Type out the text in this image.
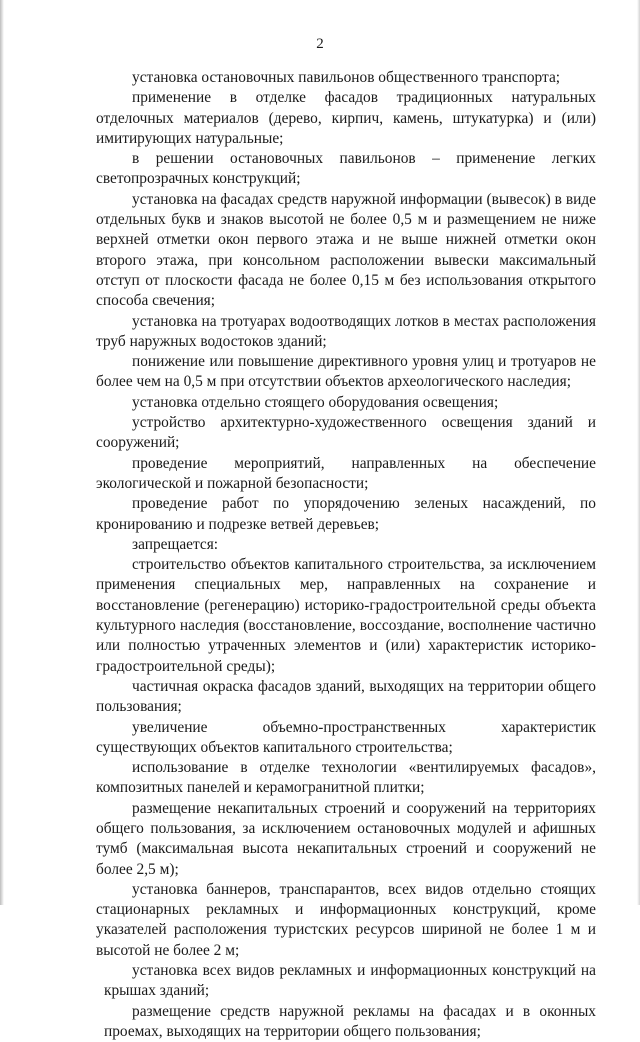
2

установка остановочных павильонов общественного транспорта;

применение в отделке фасадов традиционных натуральных отделочных материалов (дерево, кирпич, камень, штукатурка) и (или) имитирующих натуральные;

в решении остановочных павильонов – применение легких светопрозрачных конструкций;

установка на фасадах средств наружной информации (вывесок) в виде отдельных букв и знаков высотой не более 0,5 м и размещением не ниже верхней отметки окон первого этажа и не выше нижней отметки окон второго этажа, при консольном расположении вывески максимальный отступ от плоскости фасада не более 0,15 м без использования открытого способа свечения;

установка на тротуарах водоотводящих лотков в местах расположения труб наружных водостоков зданий;

понижение или повышение директивного уровня улиц и тротуаров не более чем на 0,5 м при отсутствии объектов археологического наследия;

установка отдельно стоящего оборудования освещения;

устройство архитектурно-художественного освещения зданий и сооружений;

проведение мероприятий, направленных на обеспечение экологической и пожарной безопасности;

проведение работ по упорядочению зеленых насаждений, по кронированию и подрезке ветвей деревьев;

запрещается:

строительство объектов капитального строительства, за исключением применения специальных мер, направленных на сохранение и восстановление (регенерацию) историко-градостроительной среды объекта культурного наследия (восстановление, воссоздание, восполнение частично или полностью утраченных элементов и (или) характеристик историко-градостроительной среды);

частичная окраска фасадов зданий, выходящих на территории общего пользования;

увеличение объемно-пространственных характеристик существующих объектов капитального строительства;

использование в отделке технологии «вентилируемых фасадов», композитных панелей и керамогранитной плитки;

размещение некапитальных строений и сооружений на территориях общего пользования, за исключением остановочных модулей и афишных тумб (максимальная высота некапитальных строений и сооружений не более 2,5 м);

установка баннеров, транспарантов, всех видов отдельно стоящих стационарных рекламных и информационных конструкций, кроме указателей расположения туристских ресурсов шириной не более 1 м и высотой не более 2 м;

установка всех видов рекламных и информационных конструкций на крышах зданий;

размещение средств наружной рекламы на фасадах и в оконных проемах, выходящих на территории общего пользования;
